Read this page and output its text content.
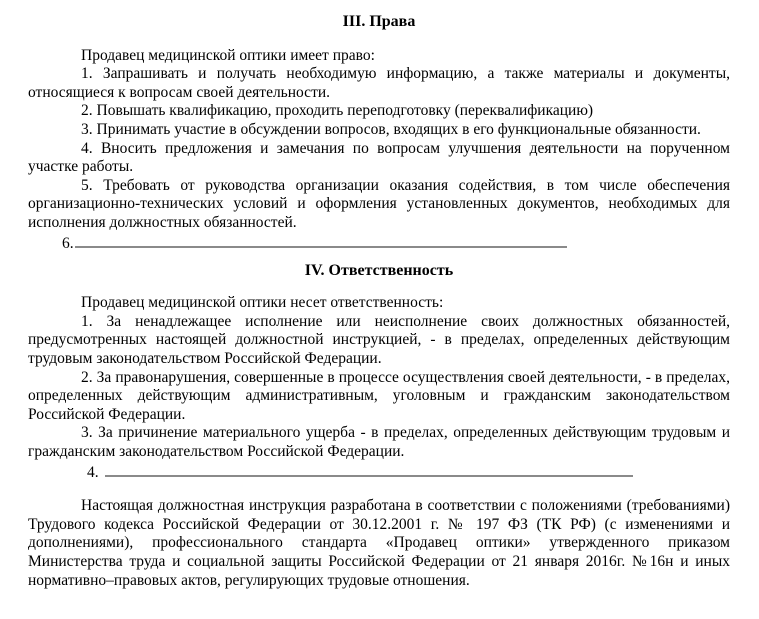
III. Права

Продавец медицинской оптики имеет право:

1. Запрашивать и получать необходимую информацию, а также материалы и документы, относящиеся к вопросам своей деятельности.

2. Повышать квалификацию, проходить переподготовку (переквалификацию)

3. Принимать участие в обсуждении вопросов, входящих в его функциональные обязанности.

4. Вносить предложения и замечания по вопросам улучшения деятельности на порученном участке работы.

5. Требовать от руководства организации оказания содействия, в том числе обеспечения организационно-технических условий и оформления установленных документов, необходимых для исполнения должностных обязанностей.

6.

IV. Ответственность

Продавец медицинской оптики несет ответственность:

1. За ненадлежащее исполнение или неисполнение своих должностных обязанностей, предусмотренных настоящей должностной инструкцией, - в пределах, определенных действующим трудовым законодательством Российской Федерации.

2. За правонарушения, совершенные в процессе осуществления своей деятельности, - в пределах, определенных действующим административным, уголовным и гражданским законодательством Российской Федерации.

3. За причинение материального ущерба - в пределах, определенных действующим трудовым и гражданским законодательством Российской Федерации.

4.

Настоящая должностная инструкция разработана в соответствии с положениями (требованиями) Трудового кодекса Российской Федерации от 30.12.2001 г. № 197 ФЗ (ТК РФ) (с изменениями и дополнениями), профессионального стандарта «Продавец оптики» утвержденного приказом Министерства труда и социальной защиты Российской Федерации от 21 января 2016г. №16н и иных нормативно–правовых актов, регулирующих трудовые отношения.
